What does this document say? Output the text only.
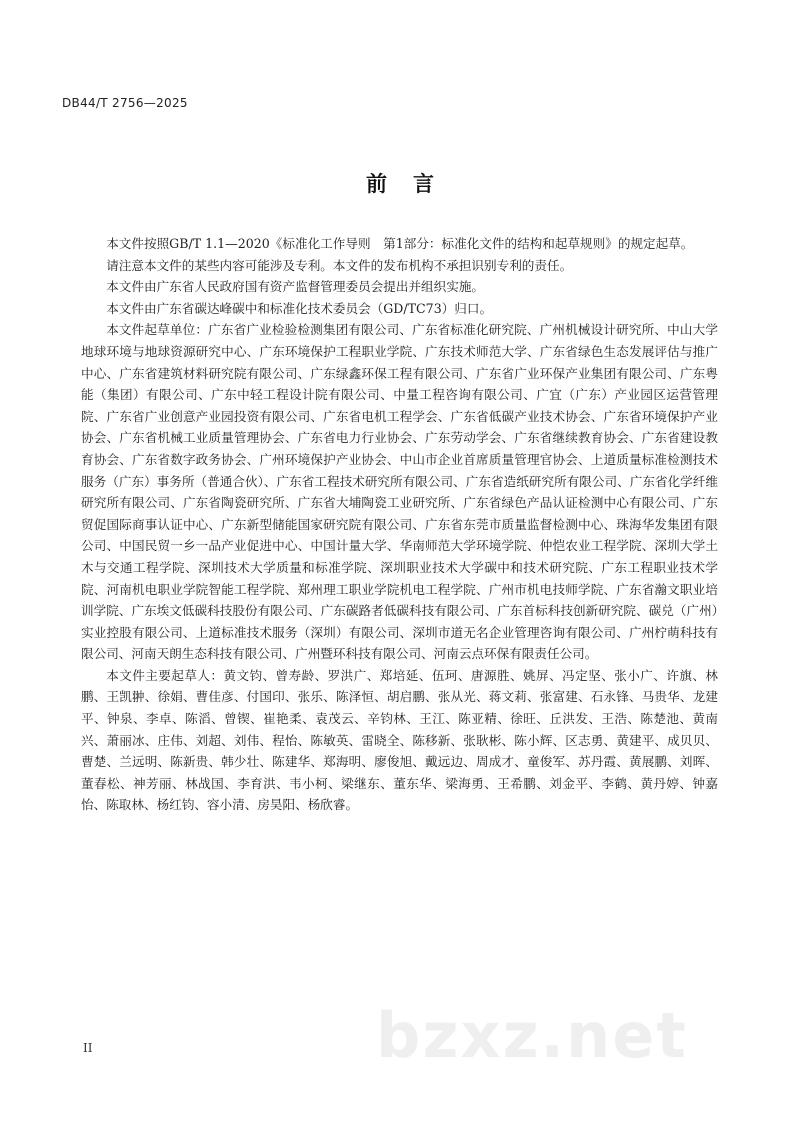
DB44/T 2756—2025
前言

本文件按照GB/T 1.1—2020《标准化工作导则　第1部分：标准化文件的结构和起草规则》的规定起草。

请注意本文件的某些内容可能涉及专利。本文件的发布机构不承担识别专利的责任。

本文件由广东省人民政府国有资产监督管理委员会提出并组织实施。

本文件由广东省碳达峰碳中和标准化技术委员会（GD/TC73）归口。

本文件起草单位：广东省广业检验检测集团有限公司、广东省标准化研究院、广州机械设计研究所、中山大学地球环境与地球资源研究中心、广东环境保护工程职业学院、广东技术师范大学、广东省绿色生态发展评估与推广中心、广东省建筑材料研究院有限公司、广东绿鑫环保工程有限公司、广东省广业环保产业集团有限公司、广东粤能（集团）有限公司、广东中轻工程设计院有限公司、中量工程咨询有限公司、广宜（广东）产业园区运营管理院、广东省广业创意产业园投资有限公司、广东省电机工程学会、广东省低碳产业技术协会、广东省环境保护产业协会、广东省机械工业质量管理协会、广东省电力行业协会、广东劳动学会、广东省继续教育协会、广东省建设教育协会、广东省数字政务协会、广州环境保护产业协会、中山市企业首席质量管理官协会、上道质量标准检测技术服务（广东）事务所（普通合伙）、广东省工程技术研究所有限公司、广东省造纸研究所有限公司、广东省化学纤维研究所有限公司、广东省陶瓷研究所、广东省大埔陶瓷工业研究所、广东省绿色产品认证检测中心有限公司、广东贸促国际商事认证中心、广东新型储能国家研究院有限公司、广东省东莞市质量监督检测中心、珠海华发集团有限公司、中国民贸一乡一品产业促进中心、中国计量大学、华南师范大学环境学院、仲恺农业工程学院、深圳大学土木与交通工程学院、深圳技术大学质量和标准学院、深圳职业技术大学碳中和技术研究院、广东工程职业技术学院、河南机电职业学院智能工程学院、郑州理工职业学院机电工程学院、广州市机电技师学院、广东省瀚文职业培训学院、广东埃文低碳科技股份有限公司、广东碳路者低碳科技有限公司、广东首标科技创新研究院、碳兑（广州）实业控股有限公司、上道标准技术服务（深圳）有限公司、深圳市道无名企业管理咨询有限公司、广州柠萌科技有限公司、河南天朗生态科技有限公司、广州暨环科技有限公司、河南云点环保有限责任公司。

本文件主要起草人：黄文钧、曾寿龄、罗洪广、郑培延、伍珂、唐源胜、姚屏、冯定坚、张小广、许旗、林鹏、王凯翀、徐娟、曹佳彦、付国印、张乐、陈泽恒、胡启鹏、张从光、蒋文莉、张富建、石永锋、马贵华、龙建平、钟泉、李卓、陈滔、曾锲、崔艳柔、袁茂云、辛钧林、王江、陈亚精、徐旺、丘洪发、王浩、陈楚池、黄南兴、萧丽冰、庄伟、刘超、刘伟、程怡、陈敏英、雷晓全、陈移新、张耿彬、陈小辉、区志勇、黄建平、成贝贝、曹楚、兰远明、陈新贵、韩少壮、陈建华、郑海明、廖俊旭、戴远边、周成才、童俊军、苏丹霞、黄展鹏、刘晖、董春松、神芳丽、林战国、李育洪、韦小柯、梁继东、董东华、梁海勇、王希鹏、刘金平、李鹤、黄丹婷、钟嘉怡、陈取林、杨红钧、容小清、房昊阳、杨欣睿。

bzxz.net
II
